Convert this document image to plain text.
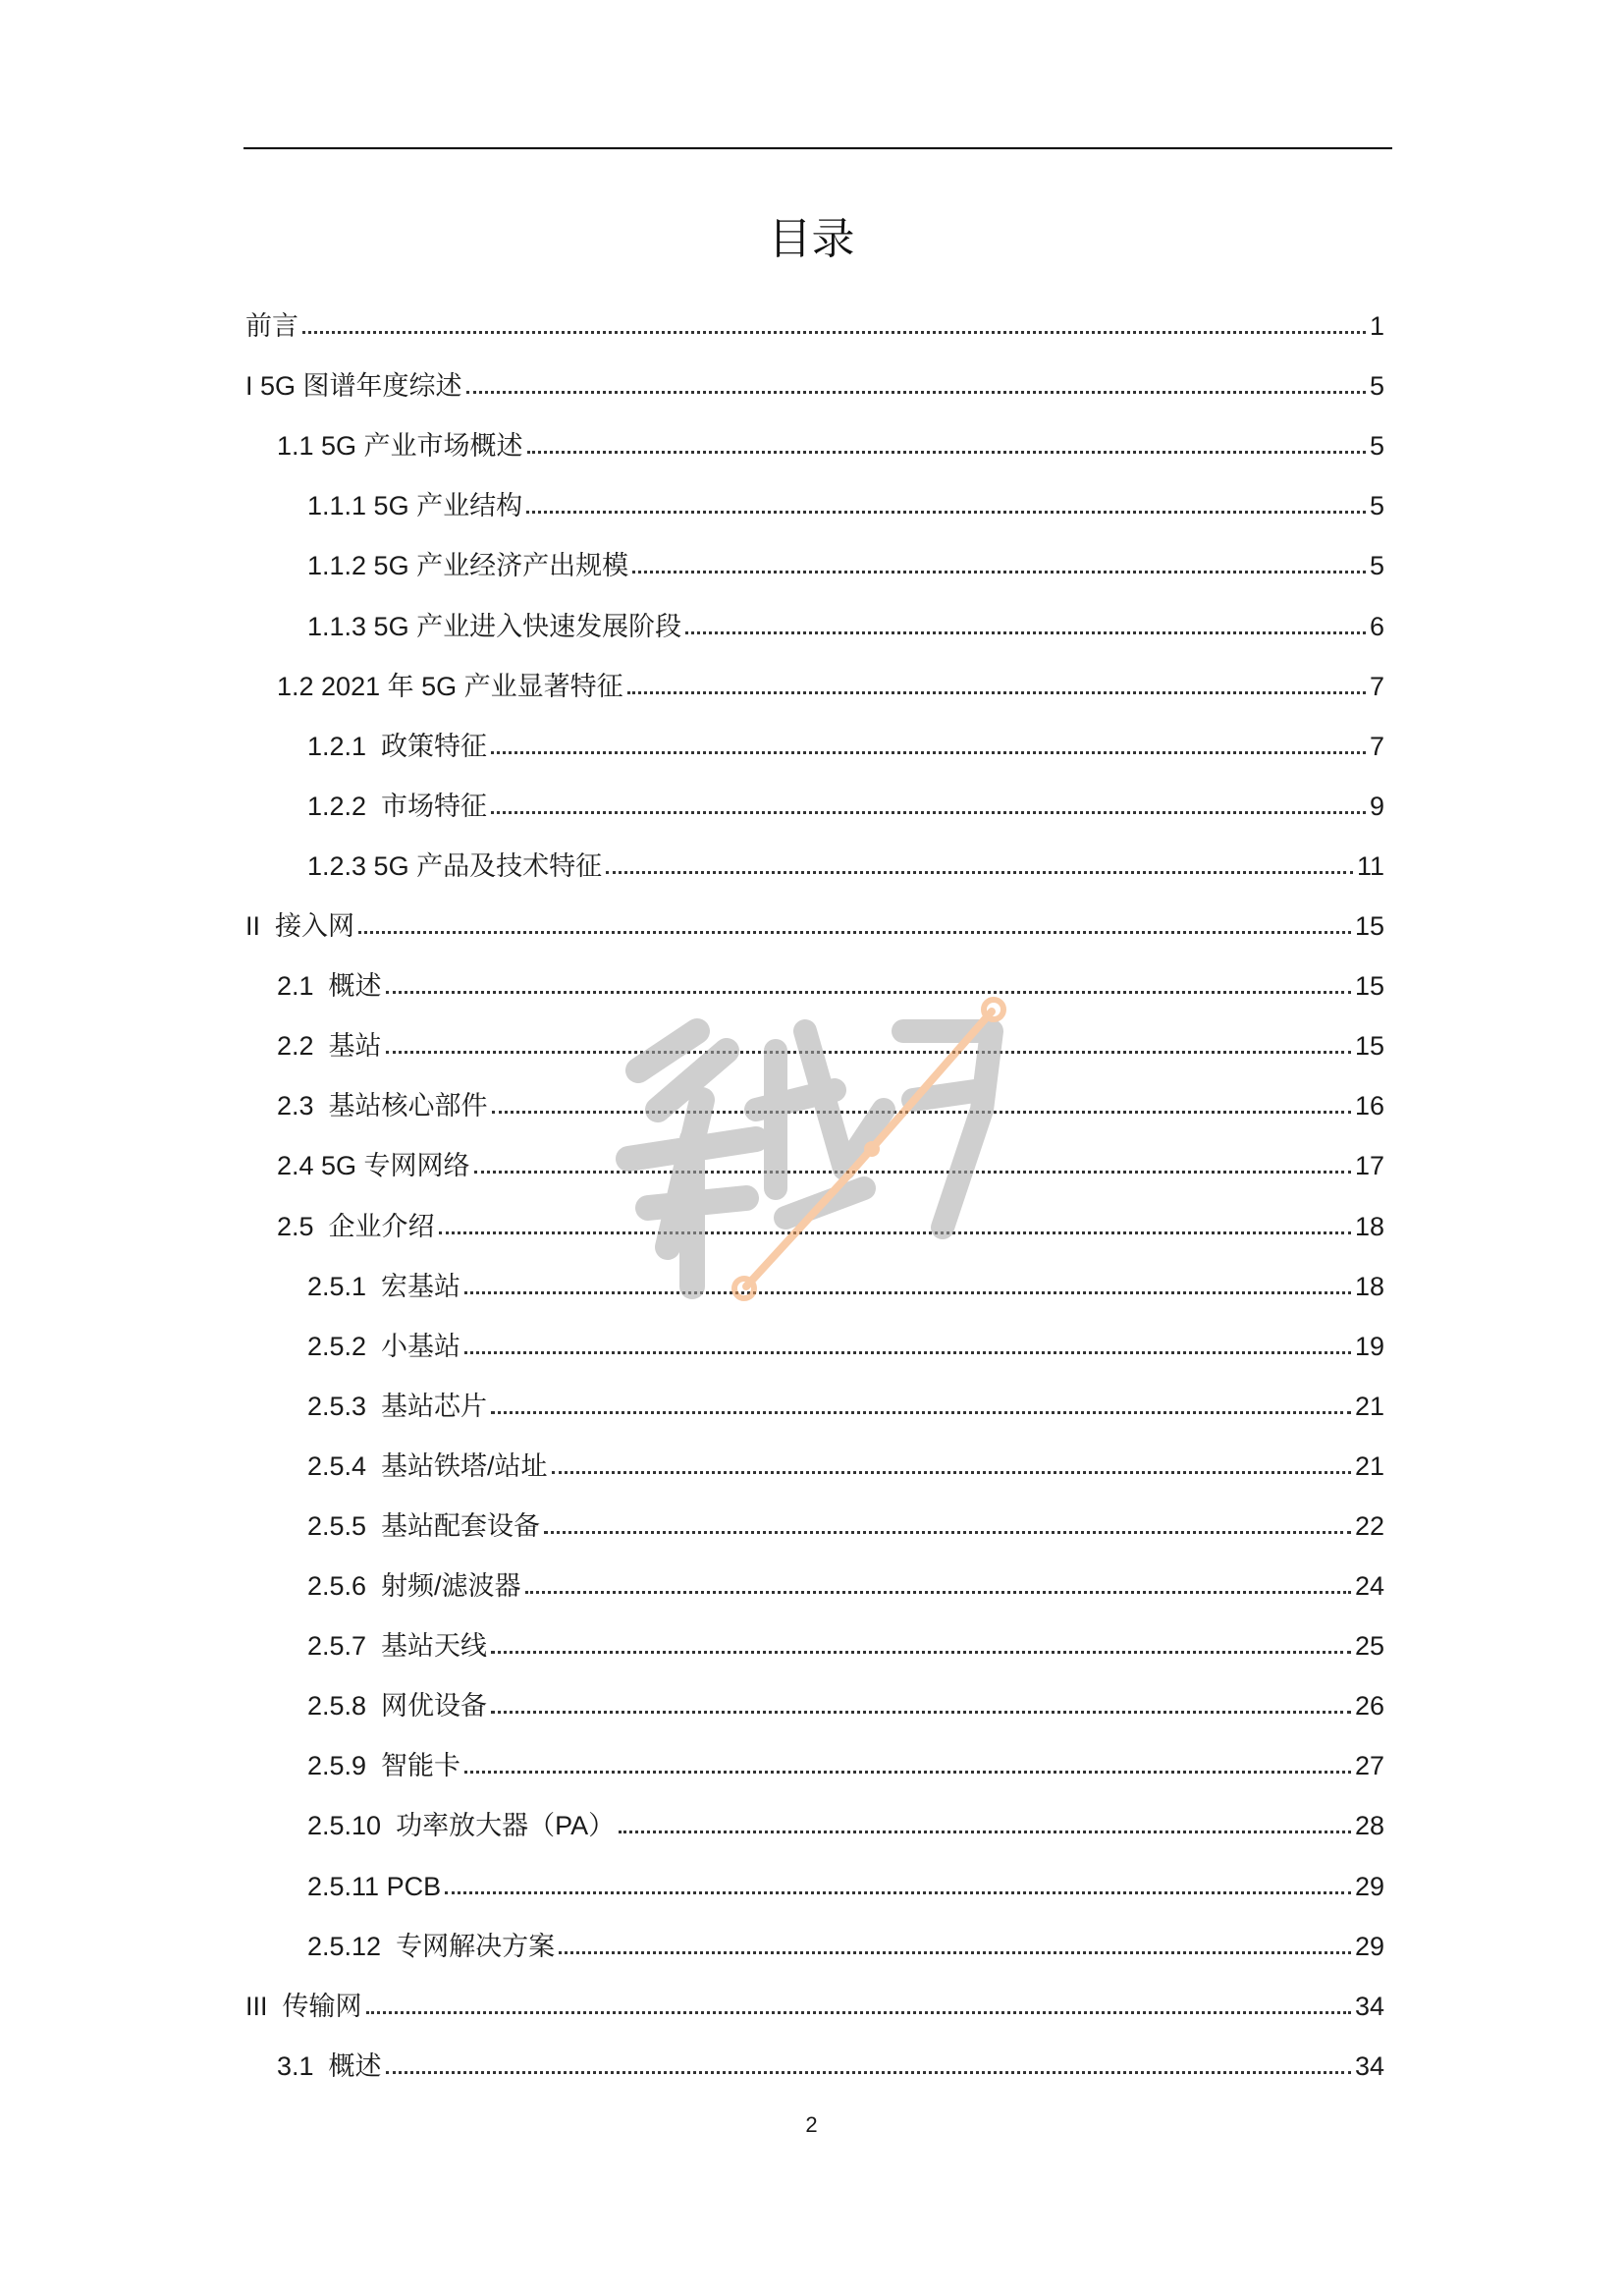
目录
前言	1
I 5G 图谱年度综述	5
1.1 5G 产业市场概述	5
1.1.1 5G 产业结构	5
1.1.2 5G 产业经济产出规模	5
1.1.3 5G 产业进入快速发展阶段	6
1.2 2021 年 5G 产业显著特征	7
1.2.1  政策特征	7
1.2.2  市场特征	9
1.2.3 5G 产品及技术特征	11
II  接入网	15
2.1  概述	15
2.2  基站	15
2.3  基站核心部件	16
2.4 5G 专网网络	17
2.5  企业介绍	18
2.5.1  宏基站	18
2.5.2  小基站	19
2.5.3  基站芯片	21
2.5.4  基站铁塔/站址	21
2.5.5  基站配套设备	22
2.5.6  射频/滤波器	24
2.5.7  基站天线	25
2.5.8  网优设备	26
2.5.9  智能卡	27
2.5.10  功率放大器（PA）	28
2.5.11 PCB	29
2.5.12  专网解决方案	29
III  传输网	34
3.1  概述	34
2
